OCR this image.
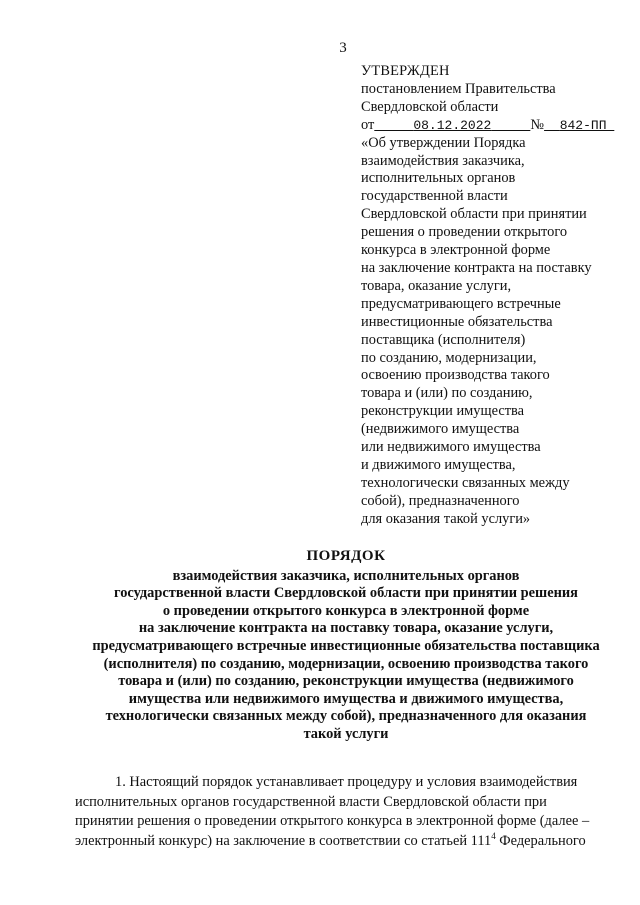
3
УТВЕРЖДЕН
постановлением Правительства
Свердловской области
от	08.12.2022	№ 842-ПП
«Об утверждении Порядка
взаимодействия заказчика,
исполнительных органов
государственной власти
Свердловской области при принятии
решения о проведении открытого
конкурса в электронной форме
на заключение контракта на поставку
товара, оказание услуги,
предусматривающего встречные
инвестиционные обязательства
поставщика (исполнителя)
по созданию, модернизации,
освоению производства такого
товара и (или) по созданию,
реконструкции имущества
(недвижимого имущества
или недвижимого имущества
и движимого имущества,
технологически связанных между
собой), предназначенного
для оказания такой услуги»
ПОРЯДОК
взаимодействия заказчика, исполнительных органов
государственной власти Свердловской области при принятии решения
о проведении открытого конкурса в электронной форме
на заключение контракта на поставку товара, оказание услуги,
предусматривающего встречные инвестиционные обязательства поставщика
(исполнителя) по созданию, модернизации, освоению производства такого
товара и (или) по созданию, реконструкции имущества (недвижимого
имущества или недвижимого имущества и движимого имущества,
технологически связанных между собой), предназначенного для оказания
такой услуги
1. Настоящий порядок устанавливает процедуру и условия взаимодействия
исполнительных органов государственной власти Свердловской области при
принятии решения о проведении открытого конкурса в электронной форме (далее –
электронный конкурс) на заключение в соответствии со статьей $111^4$ Федерального
